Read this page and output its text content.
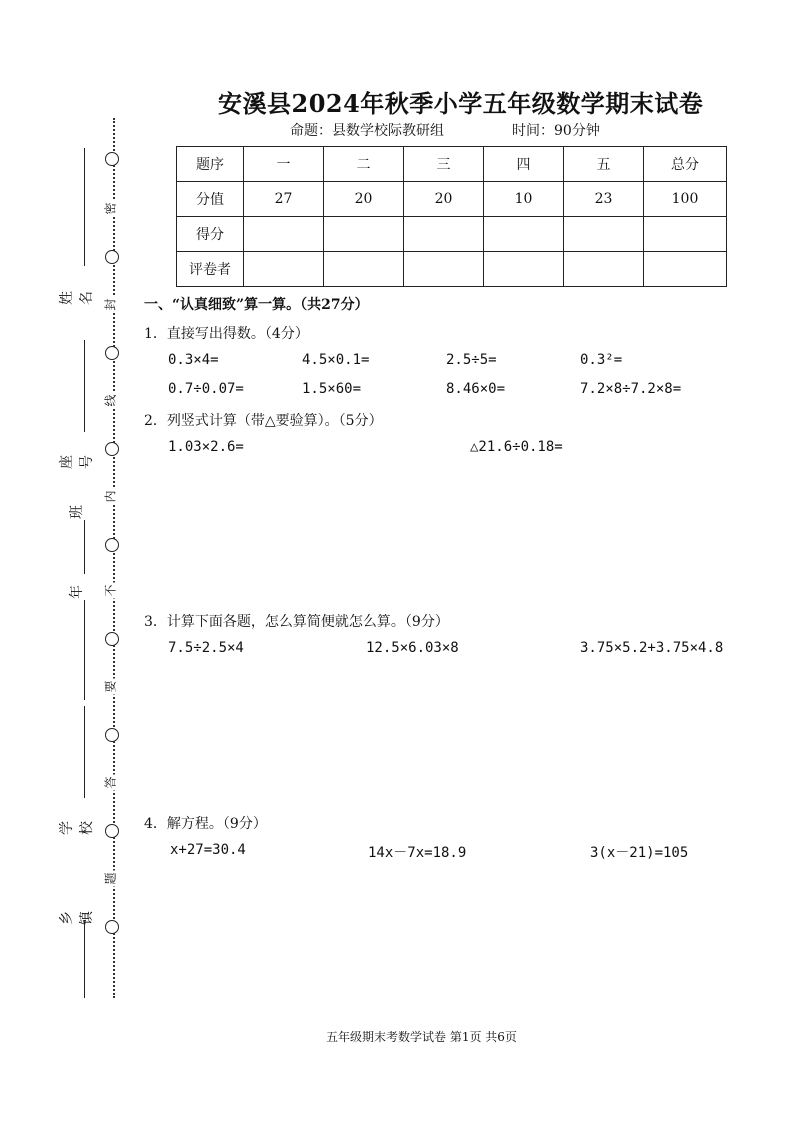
密
封
线
内
不
要
答
题
姓名
座号
班
年
学校
乡镇
安溪县2024年秋季小学五年级数学期末试卷
命题：县数学校际教研组	时间：90分钟
题序	一	二	三	四	五	总分
分值	27	20	20	10	23	100
得分						
评卷者						
一、“认真细致”算一算。（共27分）
1．直接写出得数。（4分）
0.3×4=	4.5×0.1=	2.5÷5=	0.3²=
0.7÷0.07=	1.5×60=	8.46×0=	7.2×8÷7.2×8=
2．列竖式计算（带△要验算）。（5分）
1.03×2.6=	△21.6÷0.18=
3．计算下面各题，怎么算简便就怎么算。（9分）
7.5÷2.5×4	12.5×6.03×8	3.75×5.2+3.75×4.8
4．解方程。（9分）
x+27=30.4	14x－7x=18.9	3(x－21)=105
五年级期末考数学试卷 第1页 共6页
